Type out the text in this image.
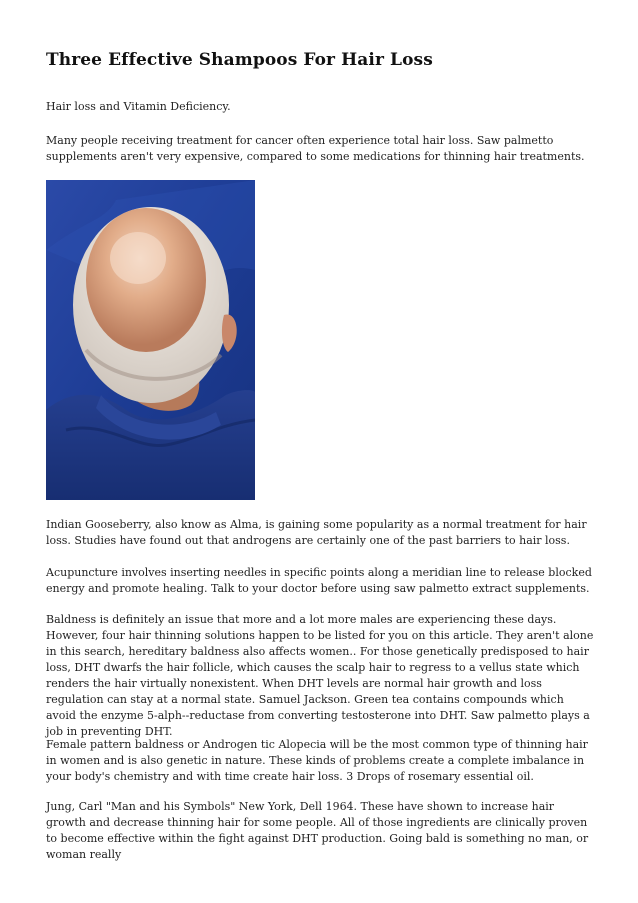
Three Effective Shampoos For Hair Loss

Hair loss and Vitamin Deficiency.

Many people receiving treatment for cancer often experience total hair loss. Saw palmetto supplements aren't very expensive, compared to some medications for thinning hair treatments.

Indian Gooseberry, also know as Alma, is gaining some popularity as a normal treatment for hair loss. Studies have found out that androgens are certainly one of the past barriers to hair loss.

Acupuncture involves inserting needles in specific points along a meridian line to release blocked energy and promote healing. Talk to your doctor before using saw palmetto extract supplements.

Baldness is definitely an issue that more and a lot more males are experiencing these days. However, four hair thinning solutions happen to be listed for you on this article. They aren't alone in this search, hereditary baldness also affects women.. For those genetically predisposed to hair loss, DHT dwarfs the hair follicle, which causes the scalp hair to regress to a vellus state which renders the hair virtually nonexistent. When DHT levels are normal hair growth and loss regulation can stay at a normal state. Samuel Jackson. Green tea contains compounds which avoid the enzyme 5-alph--reductase from converting testosterone into DHT. Saw palmetto plays a job in preventing DHT.

Female pattern baldness or Androgen tic Alopecia will be the most common type of thinning hair in women and is also genetic in nature. These kinds of problems create a complete imbalance in your body's chemistry and with time create hair loss. 3 Drops of rosemary essential oil.

Jung, Carl "Man and his Symbols" New York, Dell 1964. These have shown to increase hair growth and decrease thinning hair for some people. All of those ingredients are clinically proven to become effective within the fight against DHT production. Going bald is something no man, or woman really
